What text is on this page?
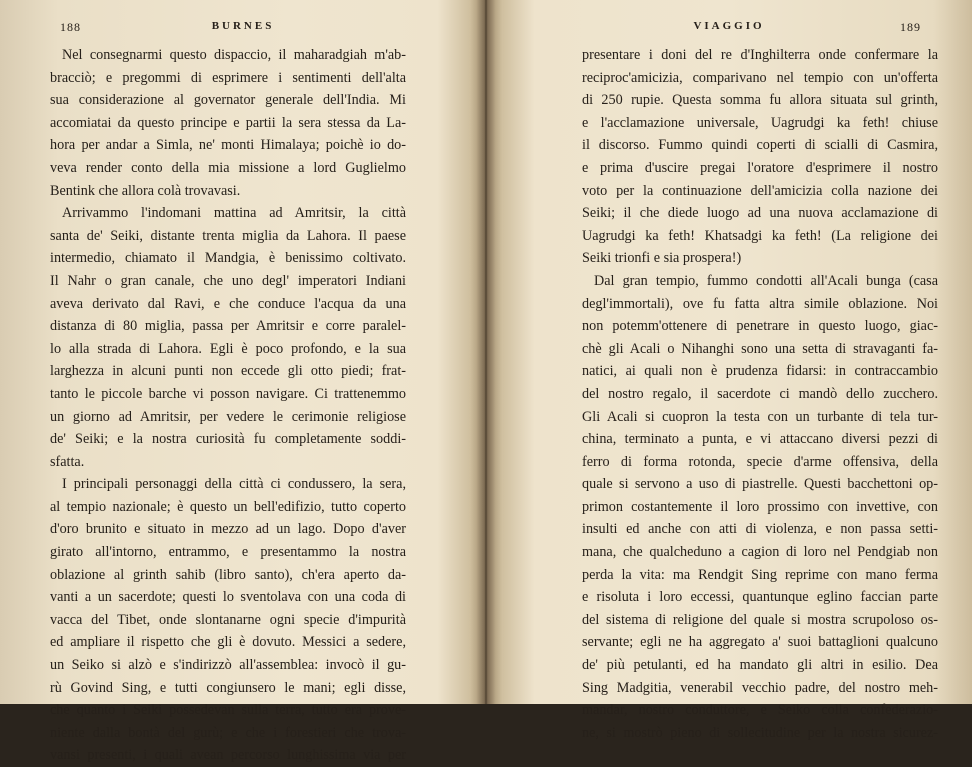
188	BURNES
Nel consegnarmi questo dispaccio, il maharadgiah m'ab-
bracciò; e pregommi di esprimere i sentimenti dell'alta
sua considerazione al governator generale dell'India. Mi
accomiatai da questo principe e partii la sera stessa da La-
hora per andar a Simla, ne' monti Himalaya; poichè io do-
veva render conto della mia missione a lord Guglielmo
Bentink che allora colà trovavasi.
Arrivammo l'indomani mattina ad Amritsir, la città
santa de' Seiki, distante trenta miglia da Lahora. Il paese
intermedio, chiamato il Mandgia, è benissimo coltivato.
Il Nahr o gran canale, che uno degl' imperatori Indiani
aveva derivato dal Ravi, e che conduce l'acqua da una
distanza di 80 miglia, passa per Amritsir e corre paralel-
lo alla strada di Lahora. Egli è poco profondo, e la sua
larghezza in alcuni punti non eccede gli otto piedi; frat-
tanto le piccole barche vi posson navigare. Ci trattenemmo
un giorno ad Amritsir, per vedere le cerimonie religiose
de' Seiki; e la nostra curiosità fu completamente soddi-
sfatta.
I principali personaggi della città ci condussero, la sera,
al tempio nazionale; è questo un bell'edifizio, tutto coperto
d'oro brunito e situato in mezzo ad un lago. Dopo d'aver
girato all'intorno, entrammo, e presentammo la nostra
oblazione al grinth sahib (libro santo), ch'era aperto da-
vanti a un sacerdote; questi lo sventolava con una coda di
vacca del Tibet, onde slontanarne ogni specie d'impurità
ed ampliare il rispetto che gli è dovuto. Messici a sedere,
un Seiko si alzò e s'indirizzò all'assemblea: invocò il gu-
rù Govind Sing, e tutti congiunsero le mani; egli disse,
che quanto i Seiki possedevan sulla terra, tutto era prove-
niente dalla bontà del gurù; e che i forestieri che trova-
vansi presenti, i quali avean percorso lunghissima via per
VIAGGIO	189
presentare i doni del re d'Inghilterra onde confermare la
reciproc'amicizia, comparivano nel tempio con un'offerta
di 250 rupie. Questa somma fu allora situata sul grinth,
e l'acclamazione universale, Uagrudgi ka feth! chiuse
il discorso. Fummo quindi coperti di scialli di Casmira,
e prima d'uscire pregai l'oratore d'esprimere il nostro
voto per la continuazione dell'amicizia colla nazione dei
Seiki; il che diede luogo ad una nuova acclamazione di
Uagrudgi ka feth! Khatsadgi ka feth! (La religione dei
Seiki trionfi e sia prospera!)
Dal gran tempio, fummo condotti all'Acali bunga (casa
degl'immortali), ove fu fatta altra simile oblazione. Noi
non potemm'ottenere di penetrare in questo luogo, giac-
chè gli Acali o Nihanghi sono una setta di stravaganti fa-
natici, ai quali non è prudenza fidarsi: in contraccambio
del nostro regalo, il sacerdote ci mandò dello zucchero.
Gli Acali si cuopron la testa con un turbante di tela tur-
china, terminato a punta, e vi attaccano diversi pezzi di
ferro di forma rotonda, specie d'arme offensiva, della
quale si servono a uso di piastrelle. Questi bacchettoni op-
primon costantemente il loro prossimo con invettive, con
insulti ed anche con atti di violenza, e non passa setti-
mana, che qualcheduno a cagion di loro nel Pendgiab non
perda la vita: ma Rendgit Sing reprime con mano ferma
e risoluta i loro eccessi, quantunque eglino faccian parte
del sistema di religione del quale si mostra scrupoloso os-
servante; egli ne ha aggregato a' suoi battaglioni qualcuno
de' più petulanti, ed ha mandato gli altri in esilio. Dea
Sing Madgitia, venerabil vecchio padre, del nostro meh-
mandar, nostro conduttore, e Seiko colla confederazio-
ne, si mostrò pieno di sollecitudine per la nostra sicurez-
